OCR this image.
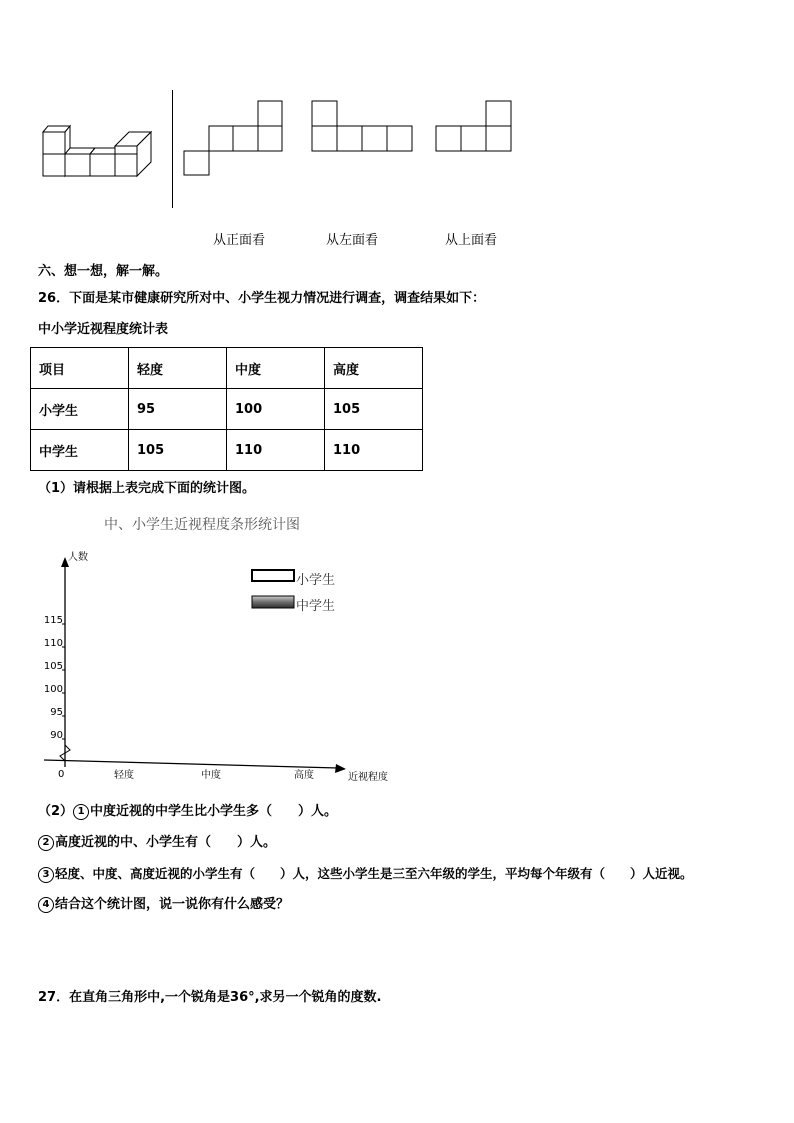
从正面看	从左面看	从上面看
六、想一想，解一解。
26．下面是某市健康研究所对中、小学生视力情况进行调查，调查结果如下：
中小学近视程度统计表
项目	轻度	中度	高度
小学生	95	100	105
中学生	105	110	110
（1）请根据上表完成下面的统计图。
中、小学生近视程度条形统计图
90
95
100
105
110
115
轻度	中度	高度
小学生
中学生
人数
近视程度
0
（2） 1 中度近视的中学生比小学生多（　　）人。
2 高度近视的中、小学生有（　　）人。
3 轻度、中度、高度近视的小学生有（　　）人，这些小学生是三至六年级的学生，平均每个年级有（　　）人近视。
4 结合这个统计图，说一说你有什么感受？
27．在直角三角形中,一个锐角是36°,求另一个锐角的度数.
